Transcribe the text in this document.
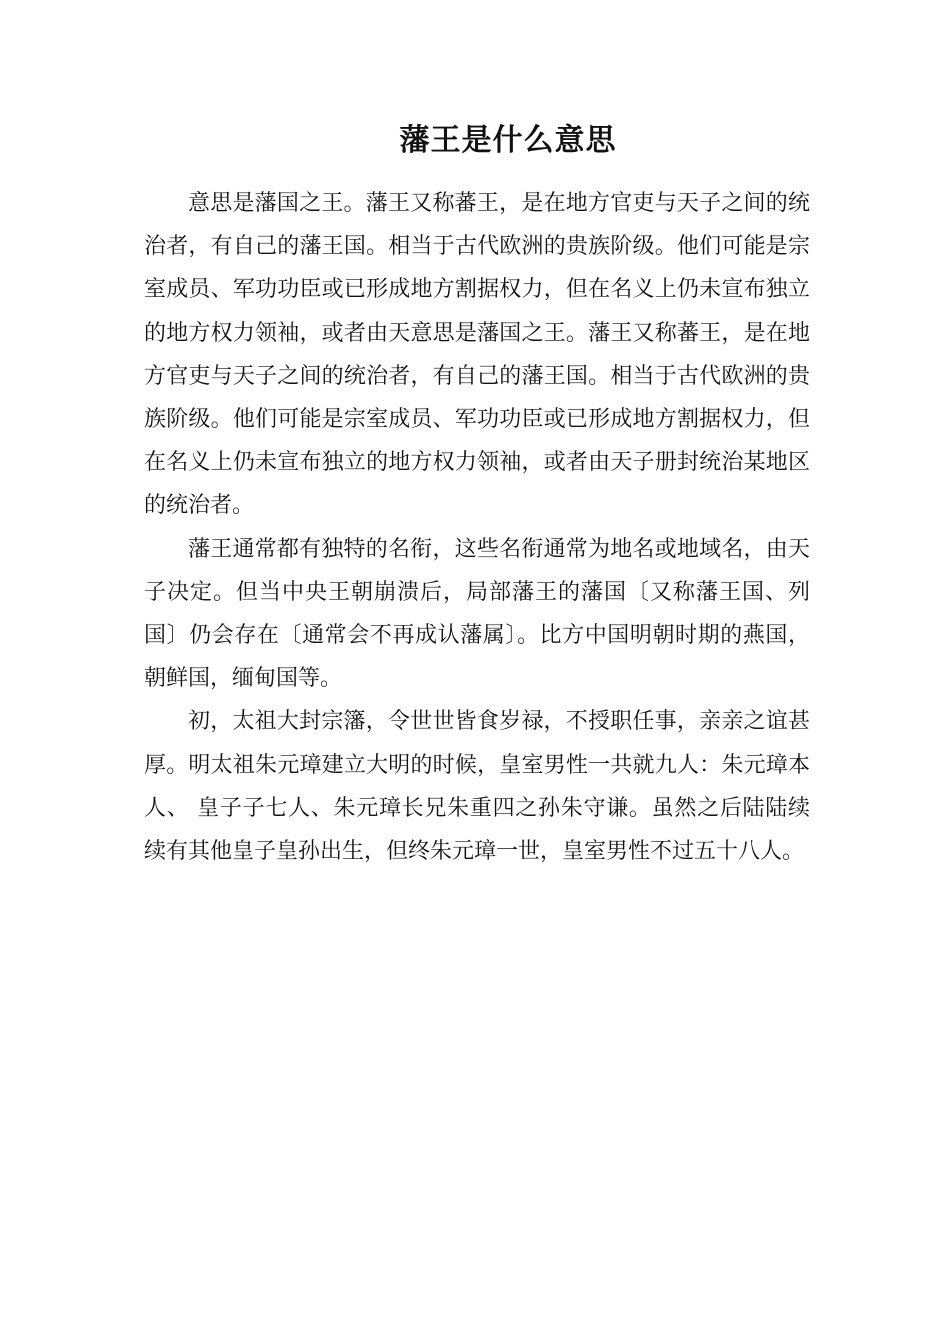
藩王是什么意思

意思是藩国之王。藩王又称蕃王，是在地方官吏与天子之间的统治者，有自己的藩王国。相当于古代欧洲的贵族阶级。他们可能是宗室成员、军功功臣或已形成地方割据权力，但在名义上仍未宣布独立的地方权力领袖，或者由天意思是藩国之王。藩王又称蕃王，是在地方官吏与天子之间的统治者，有自己的藩王国。相当于古代欧洲的贵族阶级。他们可能是宗室成员、军功功臣或已形成地方割据权力，但在名义上仍未宣布独立的地方权力领袖，或者由天子册封统治某地区的统治者。

藩王通常都有独特的名衔，这些名衔通常为地名或地域名，由天子决定。但当中央王朝崩溃后，局部藩王的藩国〔又称藩王国、列国〕仍会存在〔通常会不再成认藩属〕。比方中国明朝时期的燕国，朝鲜国，缅甸国等。

初，太祖大封宗籓，令世世皆食岁禄，不授职任事，亲亲之谊甚厚。明太祖朱元璋建立大明的时候，皇室男性一共就九人：朱元璋本人、 皇子子七人、朱元璋长兄朱重四之孙朱守谦。虽然之后陆陆续续有其他皇子皇孙出生，但终朱元璋一世，皇室男性不过五十八人。
